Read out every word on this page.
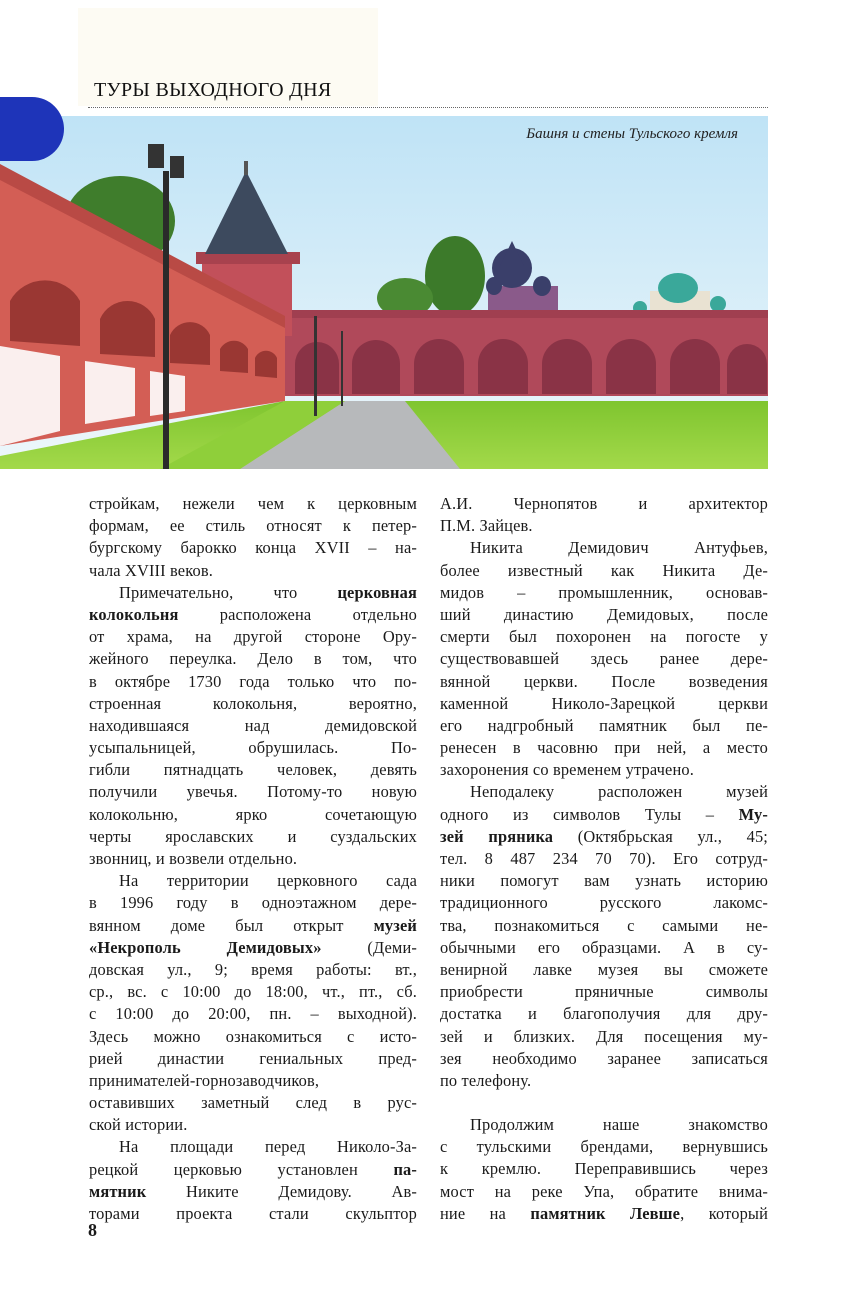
ТУРЫ ВЫХОДНОГО ДНЯ
Башня и стены Тульского кремля
стройкам, нежели чем к церковным
формам, ее стиль относят к петер-
бургскому барокко конца XVII – на-
чала XVIII веков.
Примечательно, что церковная
колокольня расположена отдельно
от храма, на другой стороне Ору-
жейного переулка. Дело в том, что
в октябре 1730 года только что по-
строенная колокольня, вероятно,
находившаяся над демидовской
усыпальницей, обрушилась. По-
гибли пятнадцать человек, девять
получили увечья. Потому-то новую
колокольню, ярко сочетающую
черты ярославских и суздальских
звонниц, и возвели отдельно.
На территории церковного сада
в 1996 году в одноэтажном дере-
вянном доме был открыт музей
«Некрополь Демидовых» (Деми-
довская ул., 9; время работы: вт.,
ср., вс. с 10:00 до 18:00, чт., пт., сб.
с 10:00 до 20:00, пн. – выходной).
Здесь можно ознакомиться с исто-
рией династии гениальных пред-
принимателей-горнозаводчиков,
оставивших заметный след в рус-
ской истории.
На площади перед Николо-За-
рецкой церковью установлен па-
мятник Никите Демидову. Ав-
торами проекта стали скульптор
А.И. Чернопятов и архитектор
П.М. Зайцев.
Никита Демидович Антуфьев,
более известный как Никита Де-
мидов – промышленник, основав-
ший династию Демидовых, после
смерти был похоронен на погосте у
существовавшей здесь ранее дере-
вянной церкви. После возведения
каменной Николо-Зарецкой церкви
его надгробный памятник был пе-
ренесен в часовню при ней, а место
захоронения со временем утрачено.
Неподалеку расположен музей
одного из символов Тулы – Му-
зей пряника (Октябрьская ул., 45;
тел. 8 487 234 70 70). Его сотруд-
ники помогут вам узнать историю
традиционного русского лакомс-
тва, познакомиться с самыми не-
обычными его образцами. А в су-
венирной лавке музея вы сможете
приобрести пряничные символы
достатка и благополучия для дру-
зей и близких. Для посещения му-
зея необходимо заранее записаться
по телефону.
Продолжим наше знакомство
с тульскими брендами, вернувшись
к кремлю. Переправившись через
мост на реке Упа, обратите внима-
ние на памятник Левше, который
8
